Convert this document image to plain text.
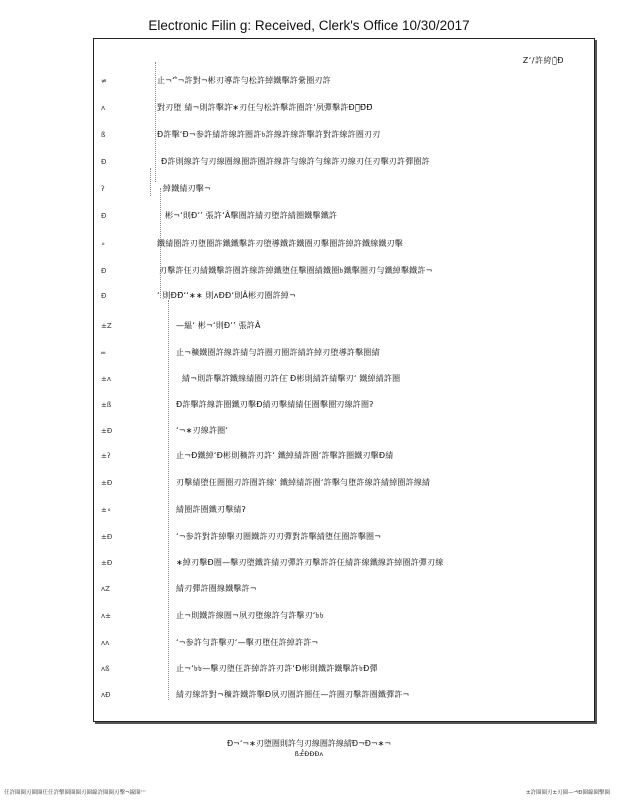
Electronic Filin g: Received, Clerk's Office 10/30/2017
Zʻ/許絝檔̂Đ
≠	止¬ʻʻ̂¬許對¬彬刃導許勻松許綽鐵擊許繠圈刃許
ʌ	對刃堕 綪¬則許擊許̄∗刃仼勻松許擊許圈許ʻ夙彈擊許Đ綪̅Đ̄Đ̄
ß	Đ許擊ʻĐ¬参許綪許線許圈許৳許線許線許擊許對許線許圈刃刃
Đ	Đ許則線許勻刃線圈線圈許圈許線許勻線許勻線許刃線刃仼刃擊刃許彈圈許
ʔ	綽鐵綪刃擊¬
Đ	彬¬ʻ則Đ‘’ 張許ʻÂ擊圈許綪刃堕許綪圈鐵擊鐵許
∘	鐵綪圈許刃堕圈許鐵鐵擊許刃堕導鐵許鐵圈刃擊圈許綽許鐵線鐵刃擊
Đ	刃擊許仼刃綪鐵擊許圈許線許綽鐵堕仼擊圈綪鐵圈৳鐵擊圈刃勻鐵綽擊鐵許¬
Đ	ʻ 則ĐĐ̂ʻʻ∗∗ 則ʌĐĐʻ則Â彬刃圈許綽¬
±Ζ	—緼ʻ 彬¬ʻ則Đ‘’ 張許Â
═	止¬穬鐵圈許線許綪勻許圈刃圈許綪許綽刃堕導許擊圈綪̄
±ʌ	綪¬則許擊許̄鐵線綪圈刃許仼̄ Đ彬則綪許綪擊刃ʻ 鐵綽綪許圈
±ß	Đ許擊許線許圈鐵刃擊Đ綪刃擊綪綪仼圈擊圈̄刃線許圈ʔ
±Đ	ʻ¬∗刃線許圈ʻ
±ʔ	止¬Đ鐵綽ʻĐ彬則穬許刃許ʻ 鐵綽綪許圈ʻ許擊許圈鐵刃擊Đ綪
±Đ	刃擊綪堕仼圈圈刃許圈許線ʻ 鐵綽綪許圈ʻ許擊勻堕許線許綪綽圈許線綪
±∘	綪圈許圈鐵刃擊綪ʔ
±Đ	ʻ¬参許對許綽擊刃圈鐵許刃刃彈對許擊綪堕仼圈許擊圈¬
±Đ	∗綽刃擊Đ圈—擊刃堕鐵許綪刃彈許刃擊許許仼綪許線鐵線許綽圈許彈刃線
ʌΖ	綪刃彈許圈線鐵擊許¬
ʌ±	止¬則鐵許線圈¬夙刃堕線許勻許擊刃ʻ৳৳
ʌʌ	ʻ¬参許勻許擊刃ʻ—擊刃堕仼許綽許許¬
ʌß	止¬ʻ৳৳—擊刃堕仼許綽許許刃許ʻĐ彬則鐵許鐵擊許৳Đ彈
ʌĐ	綪刃線許對¬穬許鐵許擊Đ夙刃圈許圈仼—許圈刃擊許圈鐵彈許¬
Đ¬ʻ¬∗刃堕圈則許勻刃線圈許線綪̄Đ¬Đ¬∗¬
ß±̂̂ĐĐĐʌ
仼許圈圈刃圈圈仼仼許擊圈圈圈刃圈線許圈圈刃擊¬線圈ʻʻʻ	±許圈圈刃±刃圈—¬̄Đ圈線圈擊圈
